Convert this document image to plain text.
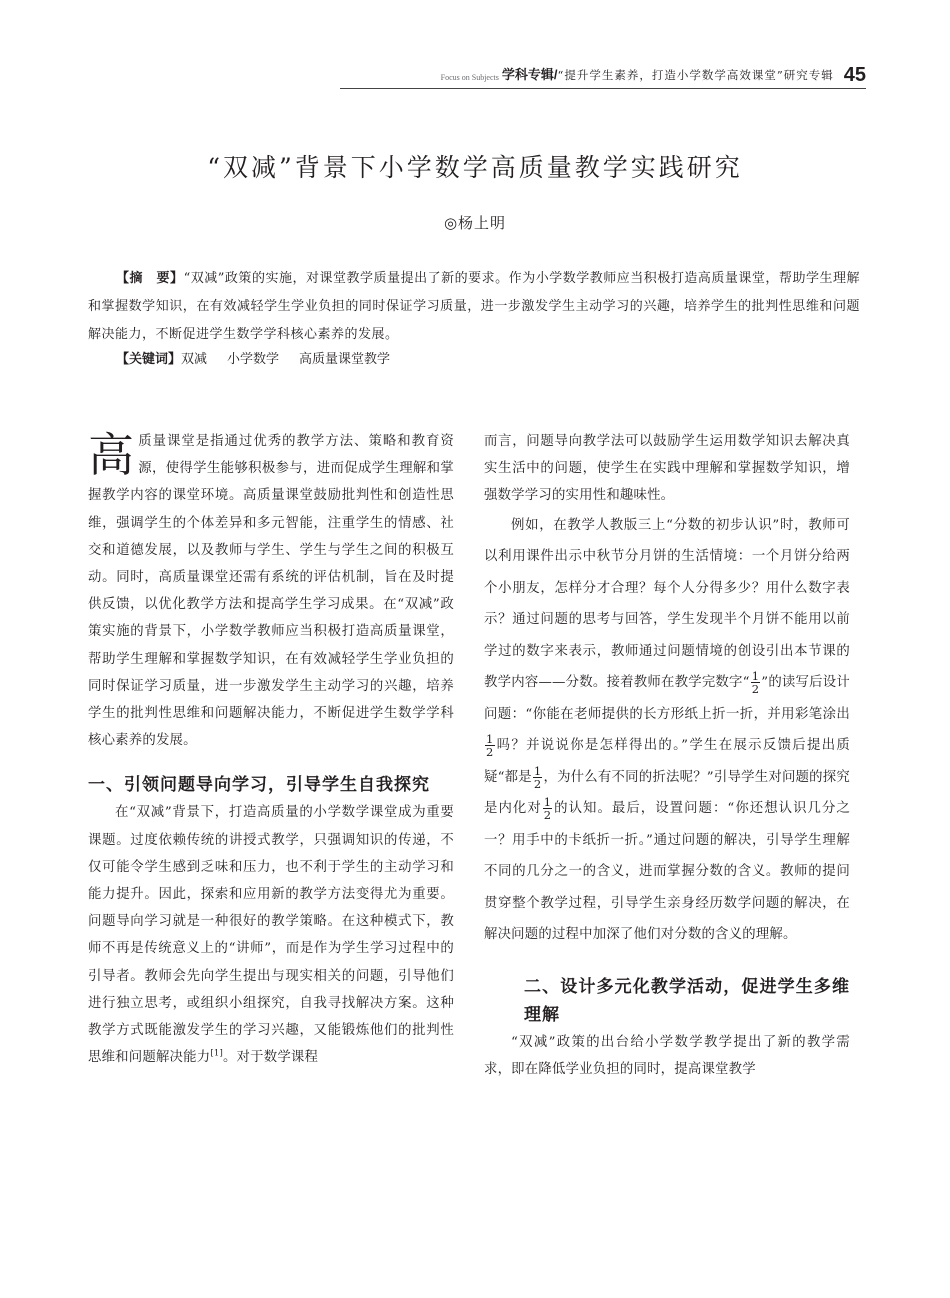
Focus on Subjects 学科专辑/ “提升学生素养，打造小学数学高效课堂”研究专辑 45
“双减”背景下小学数学高质量教学实践研究
◎杨上明

【摘　要】“双减”政策的实施，对课堂教学质量提出了新的要求。作为小学数学教师应当积极打造高质量课堂，帮助学生理解和掌握数学知识，在有效减轻学生学业负担的同时保证学习质量，进一步激发学生主动学习的兴趣，培养学生的批判性思维和问题解决能力，不断促进学生数学学科核心素养的发展。

【关键词】双减 小学数学 高质量课堂教学

高质量课堂是指通过优秀的教学方法、策略和教育资源，使得学生能够积极参与，进而促成学生理解和掌握教学内容的课堂环境。高质量课堂鼓励批判性和创造性思维，强调学生的个体差异和多元智能，注重学生的情感、社交和道德发展，以及教师与学生、学生与学生之间的积极互动。同时，高质量课堂还需有系统的评估机制，旨在及时提供反馈，以优化教学方法和提高学生学习成果。在“双减”政策实施的背景下，小学数学教师应当积极打造高质量课堂，帮助学生理解和掌握数学知识，在有效减轻学生学业负担的同时保证学习质量，进一步激发学生主动学习的兴趣，培养学生的批判性思维和问题解决能力，不断促进学生数学学科核心素养的发展。

一、引领问题导向学习，引导学生自我探究

在“双减”背景下，打造高质量的小学数学课堂成为重要课题。过度依赖传统的讲授式教学，只强调知识的传递，不仅可能令学生感到乏味和压力，也不利于学生的主动学习和能力提升。因此，探索和应用新的教学方法变得尤为重要。问题导向学习就是一种很好的教学策略。在这种模式下，教师不再是传统意义上的“讲师”，而是作为学生学习过程中的引导者。教师会先向学生提出与现实相关的问题，引导他们进行独立思考，或组织小组探究，自我寻找解决方案。这种教学方式既能激发学生的学习兴趣，又能锻炼他们的批判性思维和问题解决能力[1]。对于数学课程

而言，问题导向教学法可以鼓励学生运用数学知识去解决真实生活中的问题，使学生在实践中理解和掌握数学知识，增强数学学习的实用性和趣味性。

例如，在教学人教版三上“分数的初步认识”时，教师可以利用课件出示中秋节分月饼的生活情境：一个月饼分给两个小朋友，怎样分才合理？每个人分得多少？用什么数字表示？通过问题的思考与回答，学生发现半个月饼不能用以前学过的数字来表示，教师通过问题情境的创设引出本节课的教学内容——分数。接着教师在教学完数字“ $\frac{1}{2}$ ”的读写后设计问题：“你能在老师提供的长方形纸上折一折，并用彩笔涂出
$\frac{1}{2}$ 吗？并说说你是怎样得出的。”学生在展示反馈后提出质疑“都是 $\frac{1}{2}$ ，为什么有不同的折法呢？”引导学生对问题的探究是内化对 $\frac{1}{2}$ 的认知。最后，设置问题：“你还想认识几分之一？用手中的卡纸折一折。”通过问题的解决，引导学生理解不同的几分之一的含义，进而掌握分数的含义。教师的提问贯穿整个教学过程，引导学生亲身经历数学问题的解决，在解决问题的过程中加深了他们对分数的含义的理解。

二、设计多元化教学活动，促进学生多维理解

“双减”政策的出台给小学数学教学提出了新的教学需求，即在降低学业负担的同时，提高课堂教学
